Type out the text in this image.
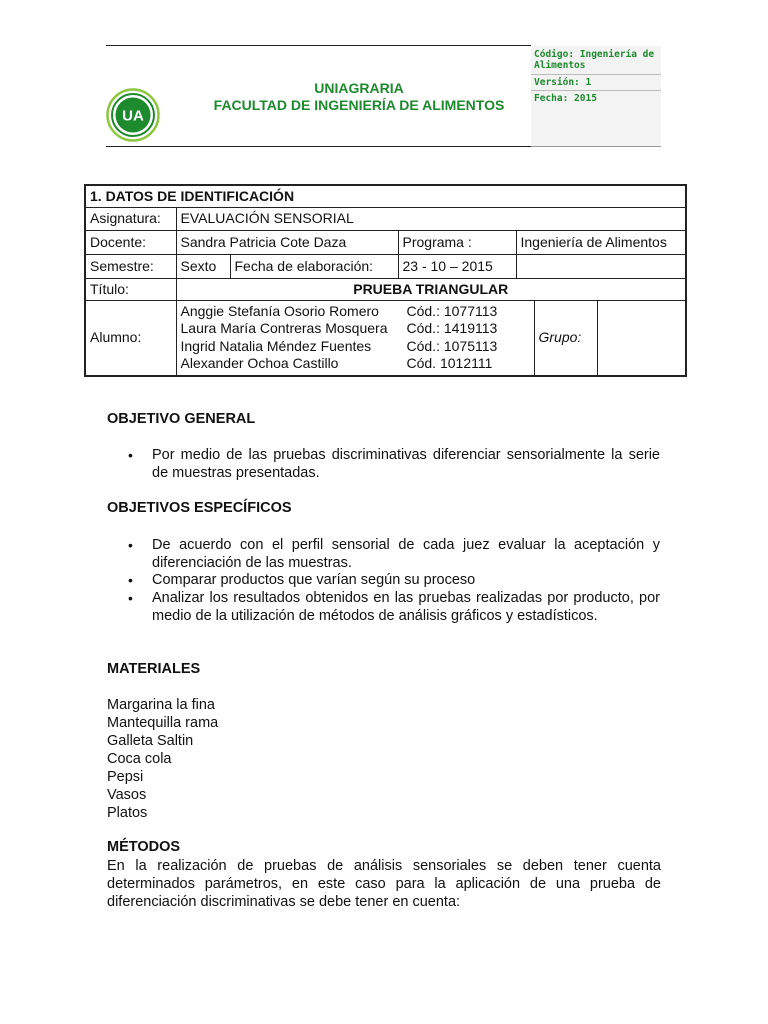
UA
UNIAGRARIA
FACULTAD DE INGENIERÍA DE ALIMENTOS
Código: Ingeniería de Alimentos
Versión: 1
Fecha: 2015
1. DATOS DE IDENTIFICACIÓN						
Asignatura:	EVALUACIÓN SENSORIAL					
Docente:	Sandra Patricia Cote Daza		Programa :	Ingeniería de Alimentos		
Semestre:	Sexto	Fecha de elaboración:	23 - 10 – 2015			
Título:	PRUEBA TRIANGULAR					
Alumno:	Anggie Stefanía Osorio Romero Cód.: 1077113
Laura María Contreras Mosquera Cód.: 1419113
Ingrid Natalia Méndez Fuentes Cód.: 1075113
Alexander Ochoa Castillo Cód. 1012111				Grupo:	
OBJETIVO GENERAL
• Por medio de las pruebas discriminativas diferenciar sensorialmente la serie de muestras presentadas.
OBJETIVOS ESPECÍFICOS
• De acuerdo con el perfil sensorial de cada juez evaluar la aceptación y diferenciación de las muestras.
• Comparar productos que varían según su proceso
• Analizar los resultados obtenidos en las pruebas realizadas por producto, por medio de la utilización de métodos de análisis gráficos y estadísticos.
MATERIALES
Margarina la fina
Mantequilla rama
Galleta Saltin
Coca cola
Pepsi
Vasos
Platos
MÉTODOS
En la realización de pruebas de análisis sensoriales se deben tener cuenta determinados parámetros, en este caso para la aplicación de una prueba de diferenciación discriminativas se debe tener en cuenta:
